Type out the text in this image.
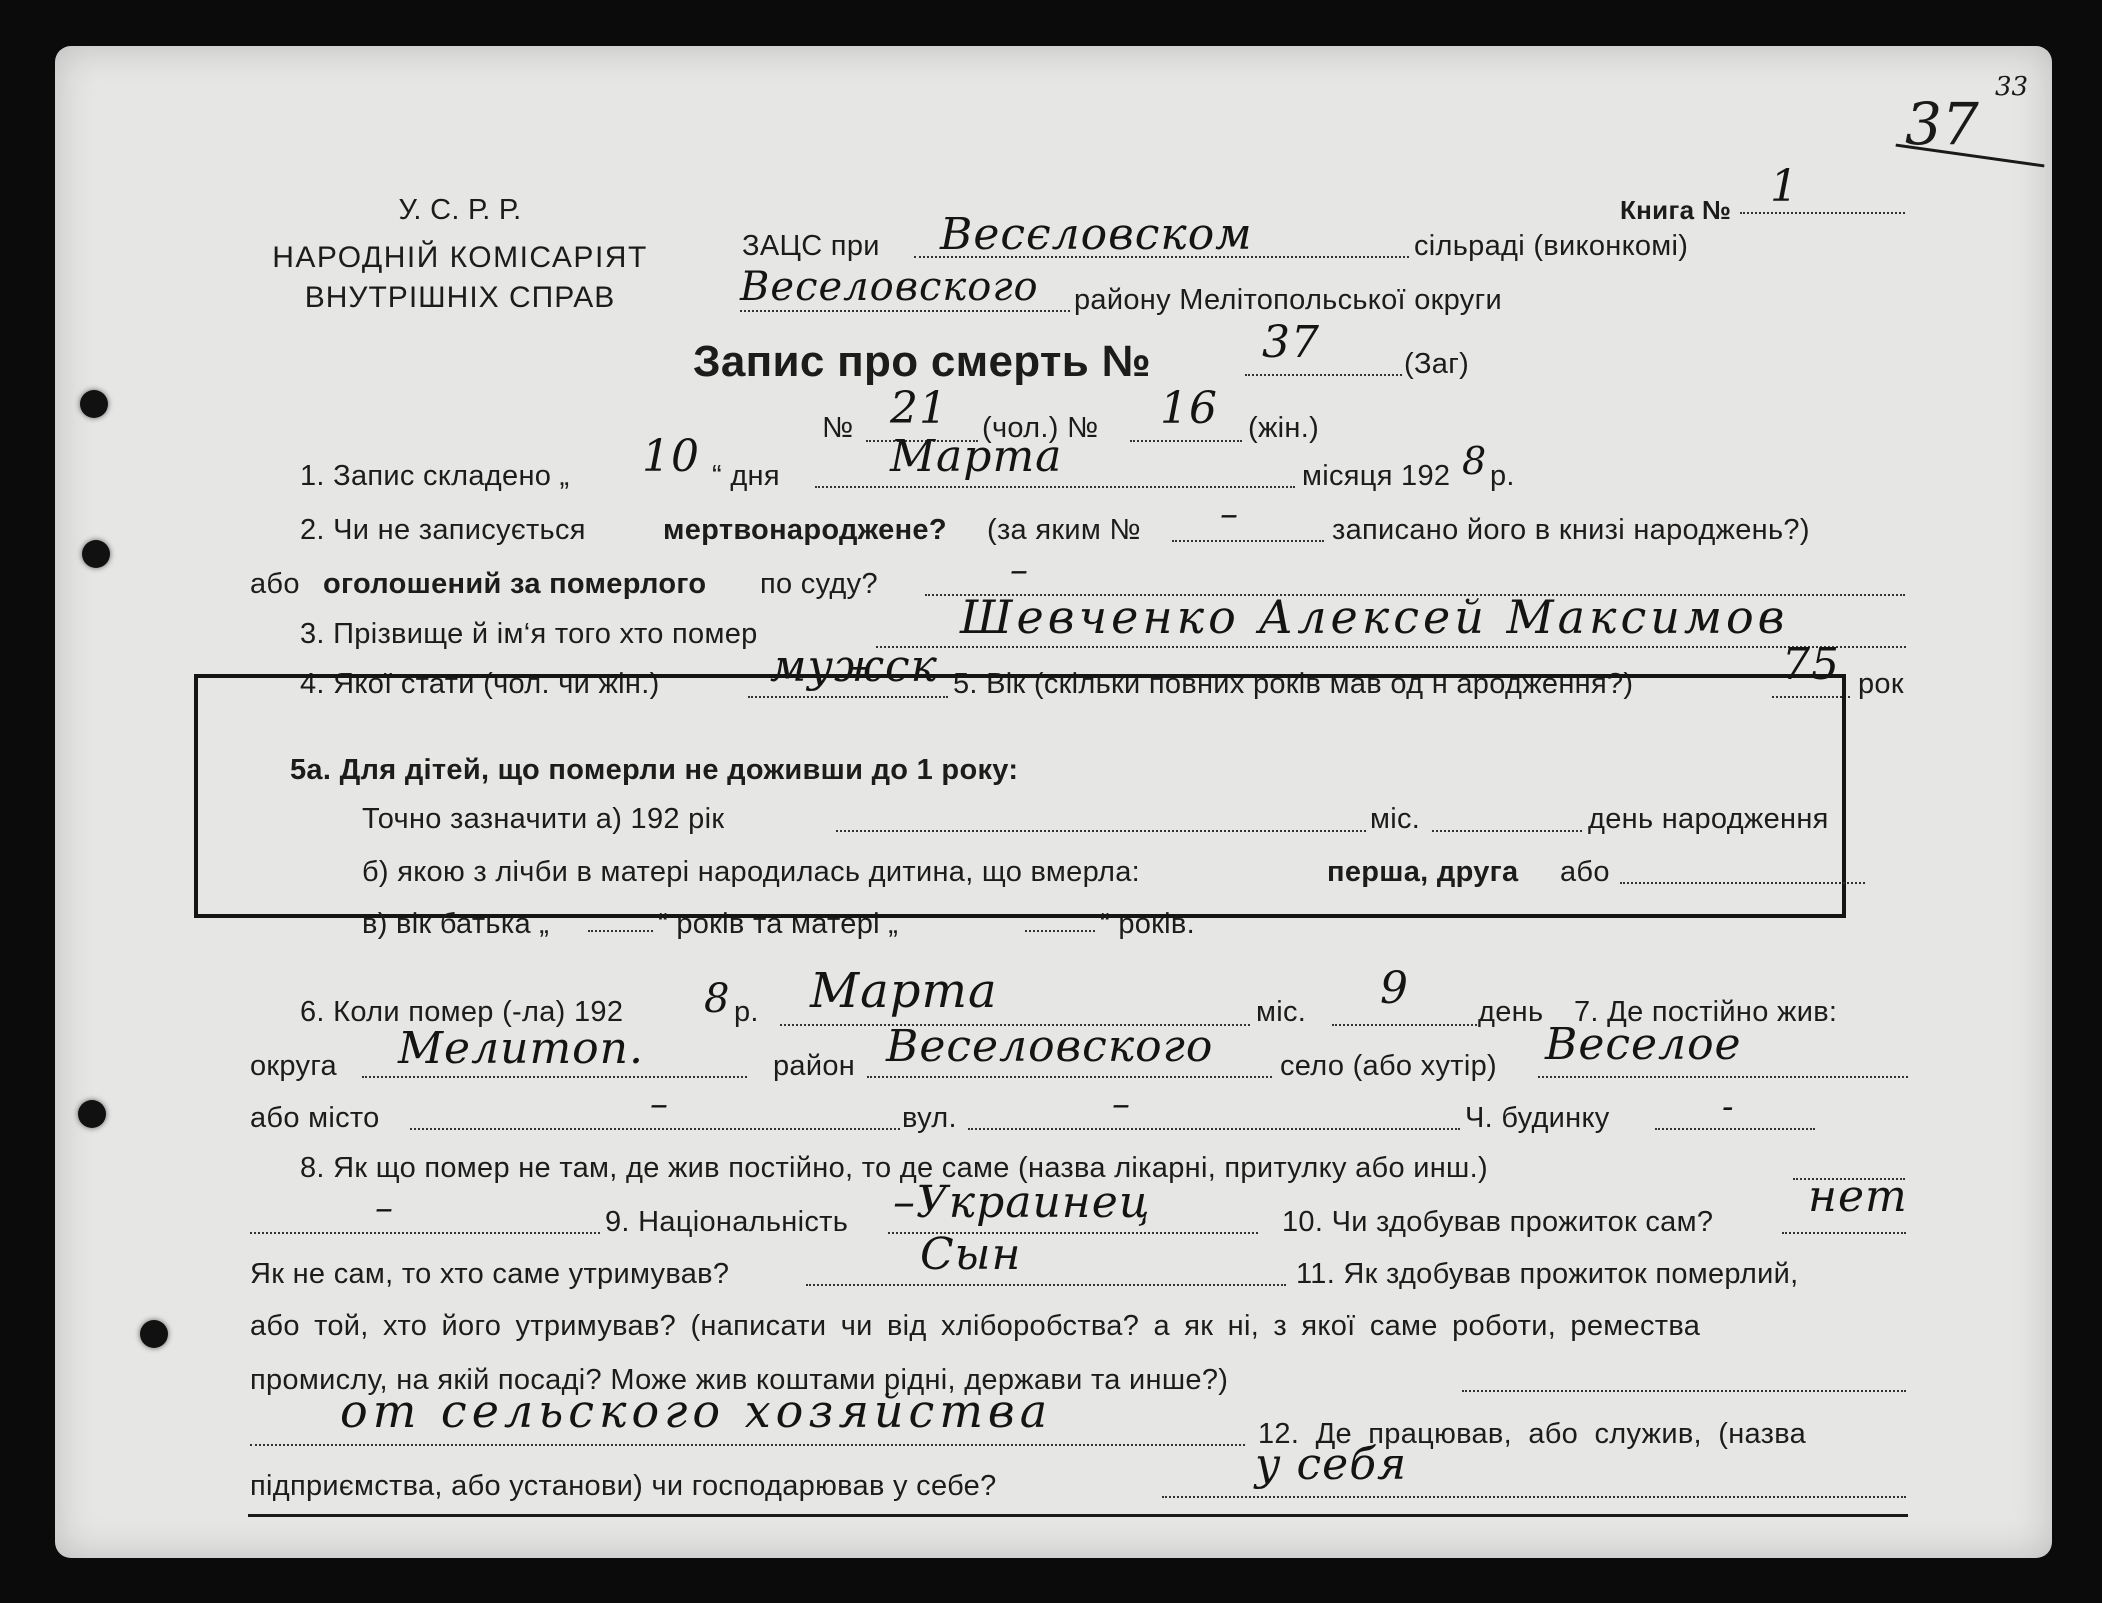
37
33
У. С. Р. Р.
НАРОДНІЙ КОМІСАРІЯТ
ВНУТРІШНІХ СПРАВ
Книга № 1
ЗАЦС при Весєловском	сільраді (виконкомі)
Веселовского району Мелітопольської округи
Запис про смерть №	37	(Заг)
№ 21 (чол.) № 16 (жін.)
1. Запис складено „ 10 “ дня	Марта	місяця 192 8 р.
2. Чи не записується	мертвонароджене? (за яким № –	записано його в книзі народжень?)
або оголошений за померлого по суду?	–
3. Прізвище й ім‘я того хто помер	Шевченко Алексей Максимов
4. Якої стати (чол. чи жін.)	мужск 5. Вік (скільки повних років мав од н ародження?)	75 рок
5а. Для дітей, що померли не доживши до 1 року:
Точно зазначити а) 192 рік	міс.	день народження
б) якою з лічби в матері народилась дитина, що вмерла:	перша, друга або
в) вік батька „	“ років та матері „	“ років.
6. Коли помер (-ла) 192 8 р. Марта	міс. 9 день 7. Де постійно жив:
округа Мелитоп.	район Веселовского село (або хутір) Веселое
або місто	–	вул.	–	Ч. будинку	-
8. Як що помер не там, де жив постійно, то де саме (назва лікарні, притулку або инш.)
–	9. Національність –Украинец	10. Чи здобував прожиток сам? нет
Як не сам, то хто саме утримував?	Сын	11. Як здобував прожиток померлий,
або той, хто його утримував? (написати чи від хліборобства? а як ні, з якої саме роботи, ремества
промислу, на якій посаді? Може жив коштами рідні, держави та инше?)
от сельского хозяйства	12. Де працював, або служив, (назва
підприємства, або установи) чи господарював у себе?	у себя
